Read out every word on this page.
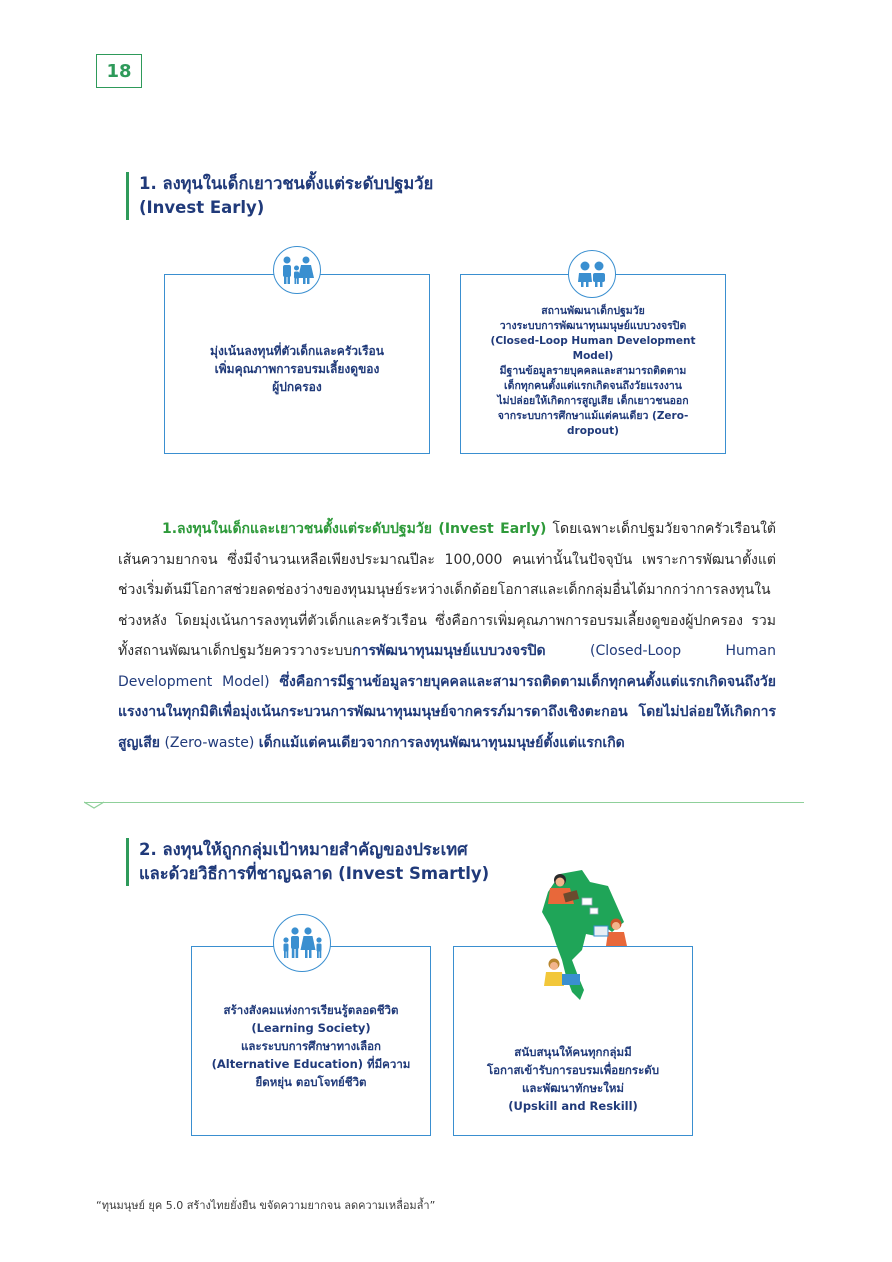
18
1. ลงทุนในเด็กเยาวชนตั้งแต่ระดับปฐมวัย
(Invest Early)
มุ่งเน้นลงทุนที่ตัวเด็กและครัวเรือน
เพิ่มคุณภาพการอบรมเลี้ยงดูของ
ผู้ปกครอง
สถานพัฒนาเด็กปฐมวัย
วางระบบการพัฒนาทุนมนุษย์แบบวงจรปิด
(Closed-Loop Human Development
Model)
มีฐานข้อมูลรายบุคคลและสามารถติดตาม
เด็กทุกคนตั้งแต่แรกเกิดจนถึงวัยแรงงาน
ไม่ปล่อยให้เกิดการสูญเสีย เด็กเยาวชนออก
จากระบบการศึกษาแม้แต่คนเดียว (Zero-
dropout)

1.ลงทุนในเด็กและเยาวชนตั้งแต่ระดับปฐมวัย (Invest Early) โดยเฉพาะเด็กปฐมวัยจากครัวเรือนใต้เส้นความยากจน ซึ่งมีจำนวนเหลือเพียงประมาณปีละ 100,000 คนเท่านั้นในปัจจุบัน เพราะการพัฒนาตั้งแต่ช่วงเริ่มต้นมีโอกาสช่วยลดช่องว่างของทุนมนุษย์ระหว่างเด็กด้อยโอกาสและเด็กกลุ่มอื่นได้มากกว่าการลงทุนในช่วงหลัง โดยมุ่งเน้นการลงทุนที่ตัวเด็กและครัวเรือน ซึ่งคือการเพิ่มคุณภาพการอบรมเลี้ยงดูของผู้ปกครอง รวมทั้งสถานพัฒนาเด็กปฐมวัยควรวางระบบการพัฒนาทุนมนุษย์แบบวงจรปิด (Closed-Loop Human Development Model) ซึ่งคือการมีฐานข้อมูลรายบุคคลและสามารถติดตามเด็กทุกคนตั้งแต่แรกเกิดจนถึงวัยแรงงานในทุกมิติเพื่อมุ่งเน้นกระบวนการพัฒนาทุนมนุษย์จากครรภ์มารดาถึงเชิงตะกอน โดยไม่ปล่อยให้เกิดการสูญเสีย (Zero-waste) เด็กแม้แต่คนเดียวจากการลงทุนพัฒนาทุนมนุษย์ตั้งแต่แรกเกิด

2. ลงทุนให้ถูกกลุ่มเป้าหมายสำคัญของประเทศ
และด้วยวิธีการที่ชาญฉลาด (Invest Smartly)
สร้างสังคมแห่งการเรียนรู้ตลอดชีวิต
(Learning Society)
และระบบการศึกษาทางเลือก
(Alternative Education) ที่มีความ
ยืดหยุ่น ตอบโจทย์ชีวิต
สนับสนุนให้คนทุกกลุ่มมี
โอกาสเข้ารับการอบรมเพื่อยกระดับ
และพัฒนาทักษะใหม่
(Upskill and Reskill)
“ทุนมนุษย์ ยุค 5.0 สร้างไทยยั่งยืน ขจัดความยากจน ลดความเหลื่อมล้ำ”
